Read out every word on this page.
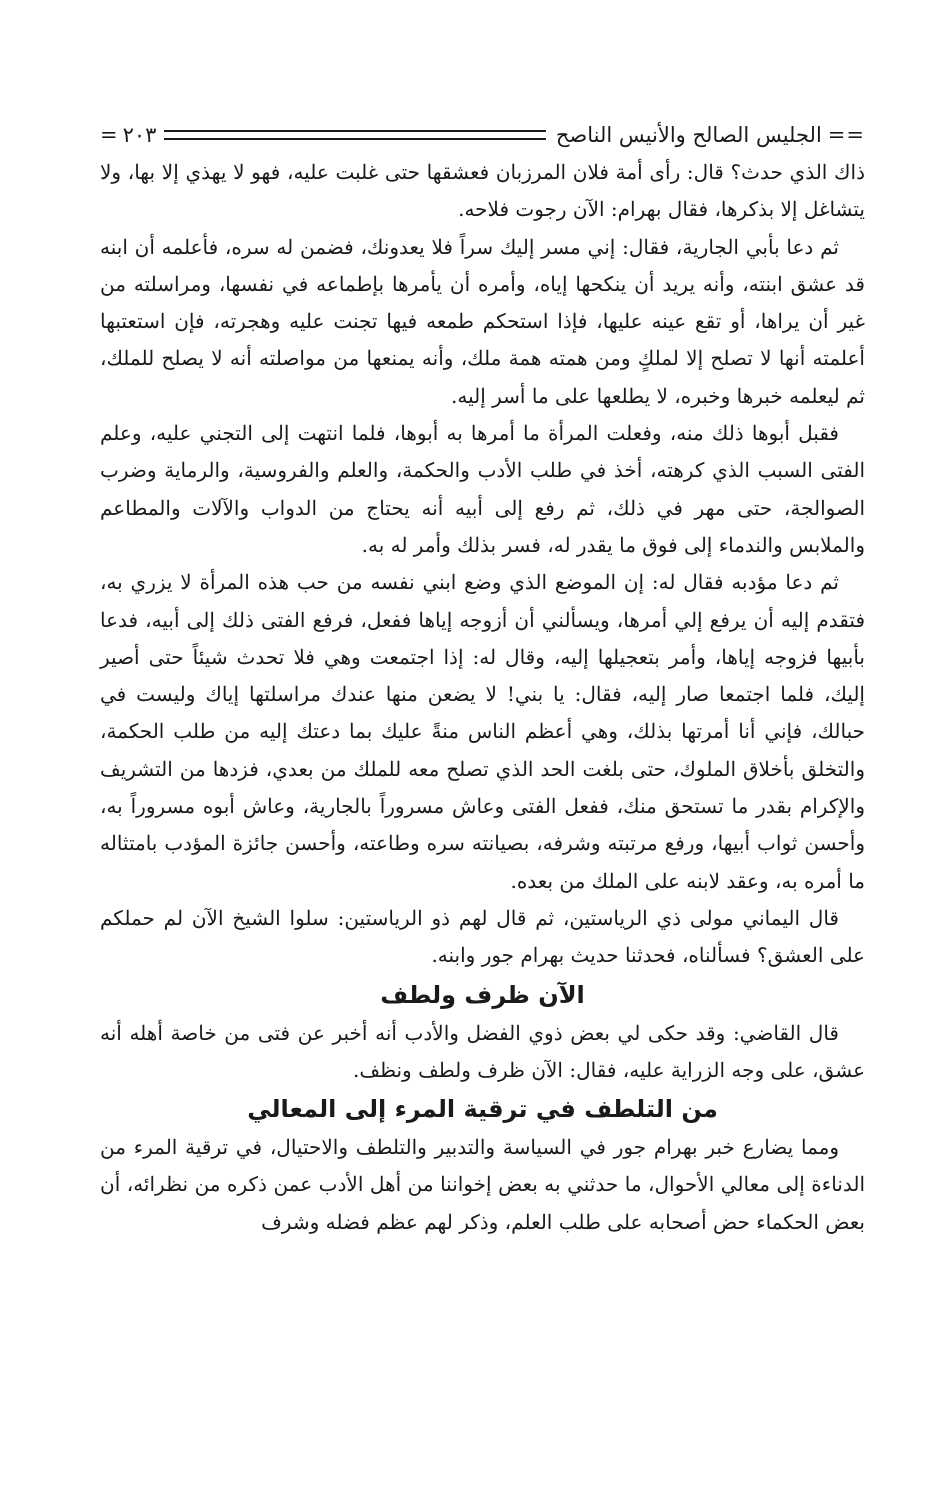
==
الجليس الصالح والأنيس الناصح
٢٠٣
=

ذاك الذي حدث؟ قال: رأى أمة فلان المرزبان فعشقها حتى غلبت عليه، فهو لا يهذي إلا بها، ولا يتشاغل إلا بذكرها، فقال بهرام: الآن رجوت فلاحه.

ثم دعا بأبي الجارية، فقال: إني مسر إليك سراً فلا يعدونك، فضمن له سره، فأعلمه أن ابنه قد عشق ابنته، وأنه يريد أن ينكحها إياه، وأمره أن يأمرها بإطماعه في نفسها، ومراسلته من غير أن يراها، أو تقع عينه عليها، فإذا استحكم طمعه فيها تجنت عليه وهجرته، فإن استعتبها أعلمته أنها لا تصلح إلا لملكٍ ومن همته همة ملك، وأنه يمنعها من مواصلته أنه لا يصلح للملك، ثم ليعلمه خبرها وخبره، لا يطلعها على ما أسر إليه.

فقبل أبوها ذلك منه، وفعلت المرأة ما أمرها به أبوها، فلما انتهت إلى التجني عليه، وعلم الفتى السبب الذي كرهته، أخذ في طلب الأدب والحكمة، والعلم والفروسية، والرماية وضرب الصوالجة، حتى مهر في ذلك، ثم رفع إلى أبيه أنه يحتاج من الدواب والآلات والمطاعم والملابس والندماء إلى فوق ما يقدر له، فسر بذلك وأمر له به.

ثم دعا مؤدبه فقال له: إن الموضع الذي وضع ابني نفسه من حب هذه المرأة لا يزري به، فتقدم إليه أن يرفع إلي أمرها، ويسألني أن أزوجه إياها ففعل، فرفع الفتى ذلك إلى أبيه، فدعا بأبيها فزوجه إياها، وأمر بتعجيلها إليه، وقال له: إذا اجتمعت وهي فلا تحدث شيئاً حتى أصير إليك، فلما اجتمعا صار إليه، فقال: يا بني! لا يضعن منها عندك مراسلتها إياك وليست في حبالك، فإني أنا أمرتها بذلك، وهي أعظم الناس منةً عليك بما دعتك إليه من طلب الحكمة، والتخلق بأخلاق الملوك، حتى بلغت الحد الذي تصلح معه للملك من بعدي، فزدها من التشريف والإكرام بقدر ما تستحق منك، ففعل الفتى وعاش مسروراً بالجارية، وعاش أبوه مسروراً به، وأحسن ثواب أبيها، ورفع مرتبته وشرفه، بصيانته سره وطاعته، وأحسن جائزة المؤدب بامتثاله ما أمره به، وعقد لابنه على الملك من بعده.

قال اليماني مولى ذي الرياستين، ثم قال لهم ذو الرياستين: سلوا الشيخ الآن لم حملكم على العشق؟ فسألناه، فحدثنا حديث بهرام جور وابنه.

الآن ظرف ولطف

قال القاضي: وقد حكى لي بعض ذوي الفضل والأدب أنه أخبر عن فتى من خاصة أهله أنه عشق، على وجه الزراية عليه، فقال: الآن ظرف ولطف ونظف.

من التلطف في ترقية المرء إلى المعالي

ومما يضارع خبر بهرام جور في السياسة والتدبير والتلطف والاحتيال، في ترقية المرء من الدناءة إلى معالي الأحوال، ما حدثني به بعض إخواننا من أهل الأدب عمن ذكره من نظرائه، أن بعض الحكماء حض أصحابه على طلب العلم، وذكر لهم عظم فضله وشرف
